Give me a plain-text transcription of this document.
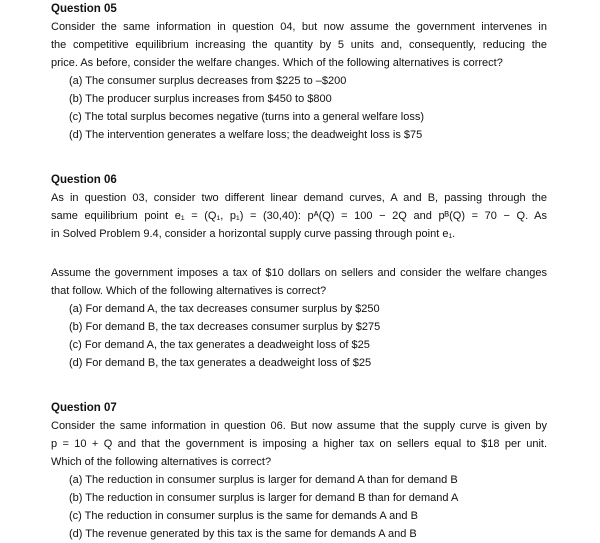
Question 05
Consider the same information in question 04, but now assume the government intervenes in
the competitive equilibrium increasing the quantity by 5 units and, consequently, reducing the
price. As before, consider the welfare changes. Which of the following alternatives is correct?
(a) The consumer surplus decreases from $225 to –$200
(b) The producer surplus increases from $450 to $800
(c) The total surplus becomes negative (turns into a general welfare loss)
(d) The intervention generates a welfare loss; the deadweight loss is $75
Question 06
As in question 03, consider two different linear demand curves, A and B, passing through the
same equilibrium point e₁ = (Q₁, p₁) = (30,40): pᴬ(Q) = 100 − 2Q and pᴮ(Q) = 70 − Q. As
in Solved Problem 9.4, consider a horizontal supply curve passing through point e₁.
Assume the government imposes a tax of $10 dollars on sellers and consider the welfare changes
that follow. Which of the following alternatives is correct?
(a) For demand A, the tax decreases consumer surplus by $250
(b) For demand B, the tax decreases consumer surplus by $275
(c) For demand A, the tax generates a deadweight loss of $25
(d) For demand B, the tax generates a deadweight loss of $25
Question 07
Consider the same information in question 06. But now assume that the supply curve is given by
p = 10 + Q and that the government is imposing a higher tax on sellers equal to $18 per unit.
Which of the following alternatives is correct?
(a) The reduction in consumer surplus is larger for demand A than for demand B
(b) The reduction in consumer surplus is larger for demand B than for demand A
(c) The reduction in consumer surplus is the same for demands A and B
(d) The revenue generated by this tax is the same for demands A and B
